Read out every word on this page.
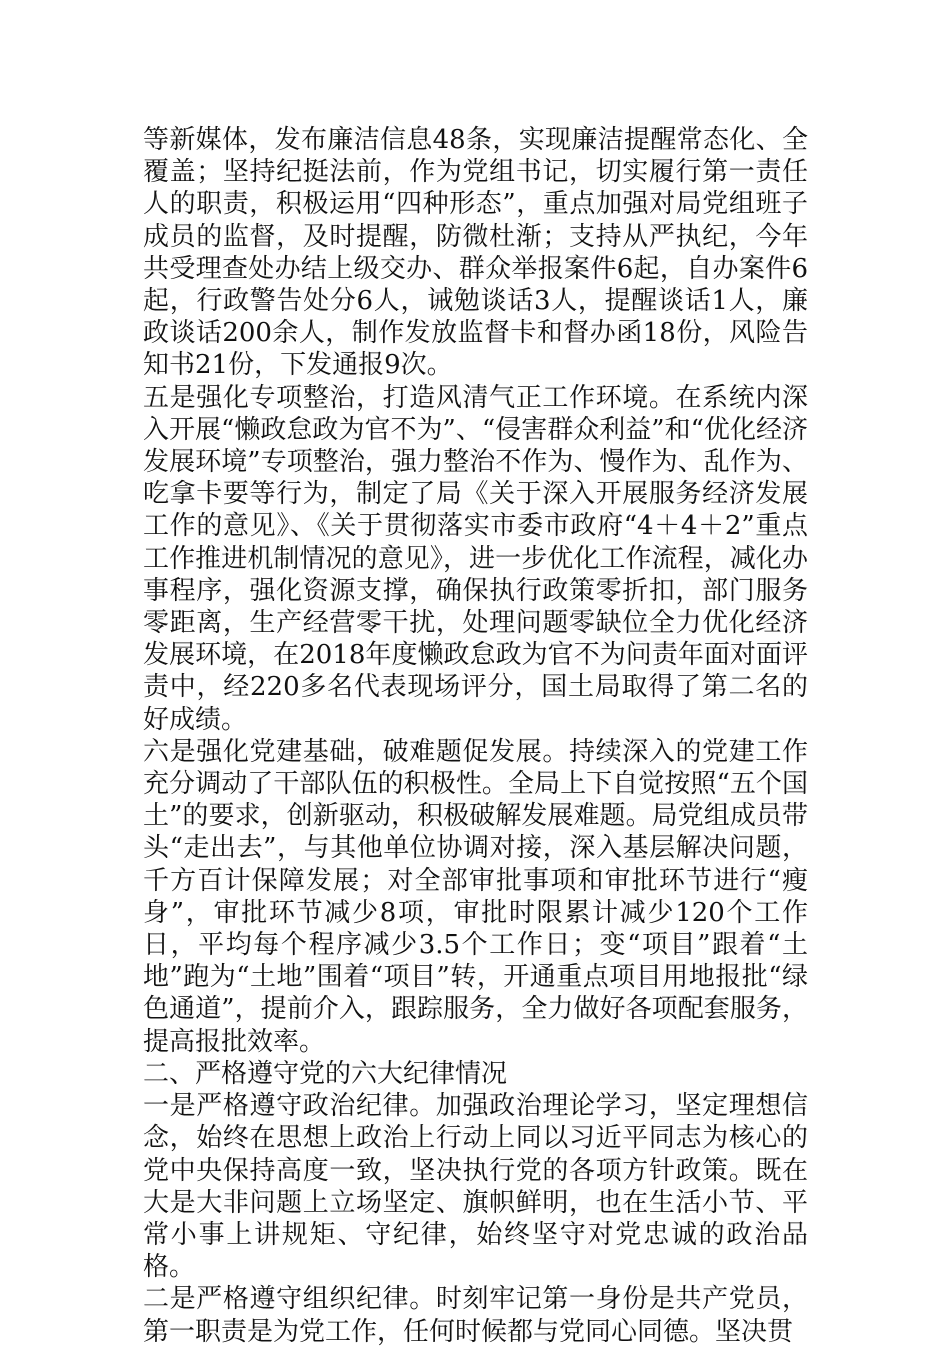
等新媒体，发布廉洁信息48条，实现廉洁提醒常态化、全覆盖；坚持纪挺法前，作为党组书记，切实履行第一责任人的职责，积极运用“四种形态”，重点加强对局党组班子成员的监督，及时提醒，防微杜渐；支持从严执纪，今年共受理查处办结上级交办、群众举报案件6起，自办案件6起，行政警告处分6人，诫勉谈话3人，提醒谈话1人，廉政谈话200余人，制作发放监督卡和督办函18份，风险告知书21份，下发通报9次。

五是强化专项整治，打造风清气正工作环境。在系统内深入开展“懒政怠政为官不为”、“侵害群众利益”和“优化经济发展环境”专项整治，强力整治不作为、慢作为、乱作为、吃拿卡要等行为，制定了局《关于深入开展服务经济发展工作的意见》、《关于贯彻落实市委市政府“4＋4＋2”重点工作推进机制情况的意见》，进一步优化工作流程，减化办事程序，强化资源支撑，确保执行政策零折扣，部门服务零距离，生产经营零干扰，处理问题零缺位全力优化经济发展环境，在2018年度懒政怠政为官不为问责年面对面评责中，经220多名代表现场评分，国土局取得了第二名的好成绩。

六是强化党建基础，破难题促发展。持续深入的党建工作充分调动了干部队伍的积极性。全局上下自觉按照“五个国土”的要求，创新驱动，积极破解发展难题。局党组成员带头“走出去”，与其他单位协调对接，深入基层解决问题，千方百计保障发展；对全部审批事项和审批环节进行“瘦身”，审批环节减少8项，审批时限累计减少120个工作日，平均每个程序减少3.5个工作日；变“项目”跟着“土地”跑为“土地”围着“项目”转，开通重点项目用地报批“绿色通道”，提前介入，跟踪服务，全力做好各项配套服务，提高报批效率。

二、严格遵守党的六大纪律情况

一是严格遵守政治纪律。加强政治理论学习，坚定理想信念，始终在思想上政治上行动上同以习近平同志为核心的党中央保持高度一致，坚决执行党的各项方针政策。既在大是大非问题上立场坚定、旗帜鲜明，也在生活小节、平常小事上讲规矩、守纪律，始终坚守对党忠诚的政治品格。

二是严格遵守组织纪律。时刻牢记第一身份是共产党员，第一职责是为党工作，任何时候都与党同心同德。坚决贯
